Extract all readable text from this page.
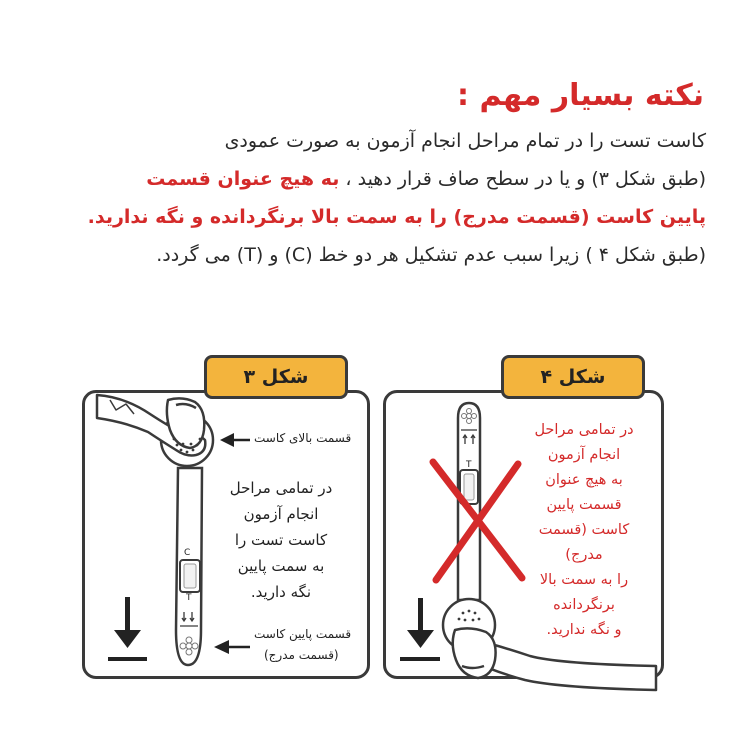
نکته بسیار مهم :
کاست تست را در تمام مراحل انجام آزمون به صورت عمودی
(طبق شکل ۳) و یا در سطح صاف قرار دهید ، به هیچ عنوان قسمت
پایین کاست (قسمت مدرج) را به سمت بالا برنگردانده و نگه ندارید.
(طبق شکل ۴ ) زیرا سبب عدم تشکیل هر دو خط (C) و (T) می گردد.
C
T
T
قسمت بالای کاست
قسمت پایین کاست
(قسمت مدرج)
در تمامی مراحل
انجام آزمون
کاست تست را
به سمت پایین
نگه دارید.
در تمامی مراحل
انجام آزمون
به هیچ عنوان
قسمت پایین
کاست (قسمت مدرج)
را به سمت بالا
برنگردانده
و نگه ندارید.
شکل ۳	شکل ۴
